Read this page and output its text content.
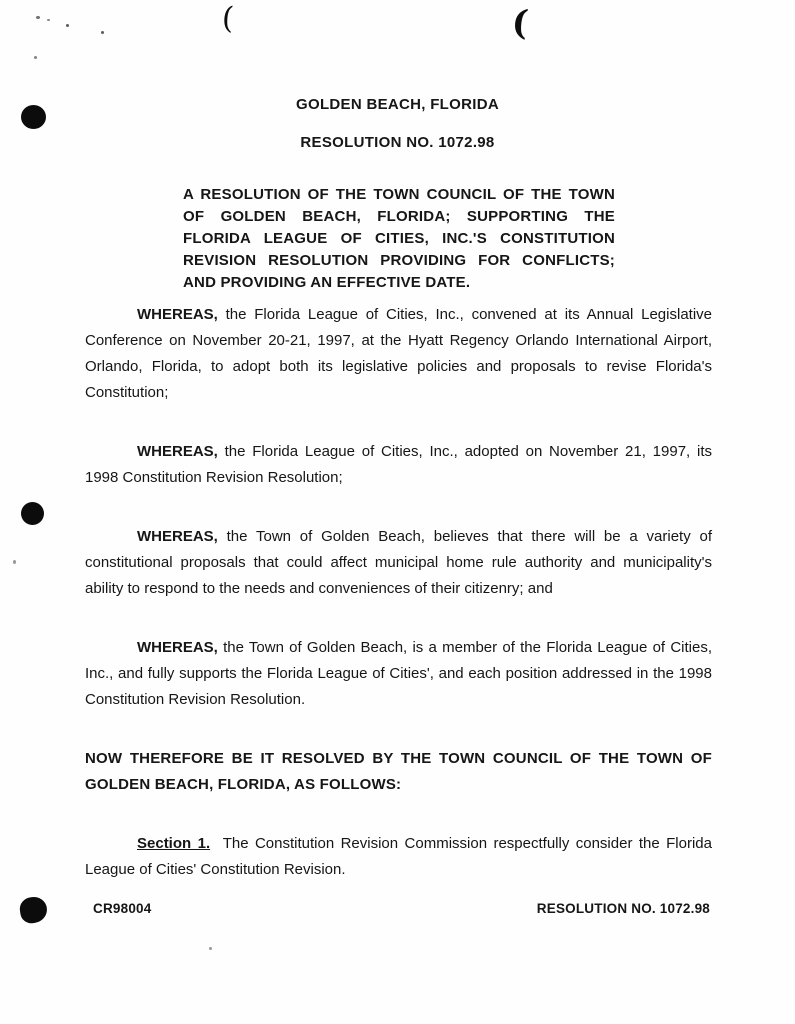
(	(
GOLDEN BEACH, FLORIDA
RESOLUTION NO. 1072.98
A RESOLUTION OF THE TOWN COUNCIL OF THE TOWN OF GOLDEN BEACH, FLORIDA; SUPPORTING THE FLORIDA LEAGUE OF CITIES, INC.'S CONSTITUTION REVISION RESOLUTION PROVIDING FOR CONFLICTS; AND PROVIDING AN EFFECTIVE DATE.

WHEREAS, the Florida League of Cities, Inc., convened at its Annual Legislative Conference on November 20-21, 1997, at the Hyatt Regency Orlando International Airport, Orlando, Florida, to adopt both its legislative policies and proposals to revise Florida's Constitution;

WHEREAS, the Florida League of Cities, Inc., adopted on November 21, 1997, its 1998 Constitution Revision Resolution;

WHEREAS, the Town of Golden Beach, believes that there will be a variety of constitutional proposals that could affect municipal home rule authority and municipality's ability to respond to the needs and conveniences of their citizenry; and

WHEREAS, the Town of Golden Beach, is a member of the Florida League of Cities, Inc., and fully supports the Florida League of Cities', and each position addressed in the 1998 Constitution Revision Resolution.

NOW THEREFORE BE IT RESOLVED BY THE TOWN COUNCIL OF THE TOWN OF GOLDEN BEACH, FLORIDA, AS FOLLOWS:

Section 1. The Constitution Revision Commission respectfully consider the Florida League of Cities' Constitution Revision.

CR98004	RESOLUTION NO. 1072.98
